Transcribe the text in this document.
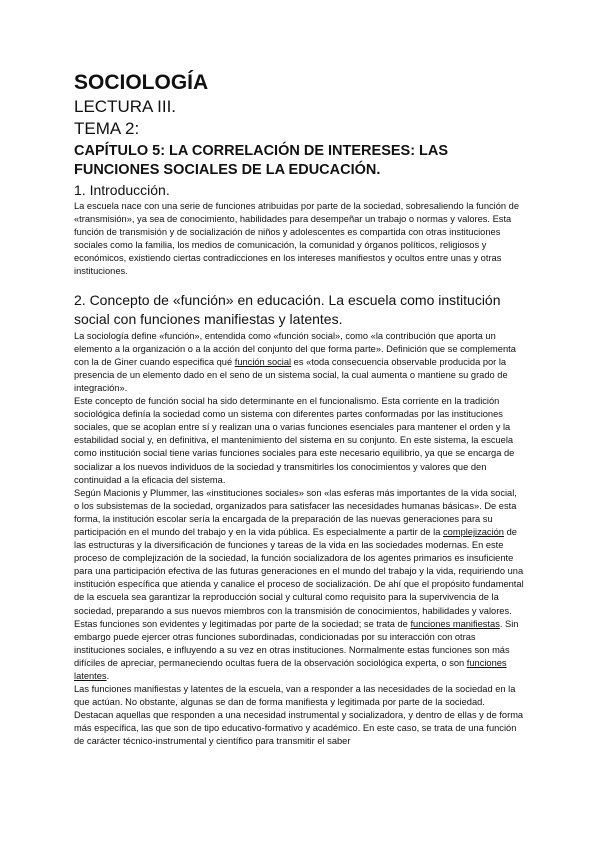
SOCIOLOGÍA
LECTURA III.
TEMA 2:
CAPÍTULO 5: LA CORRELACIÓN DE INTERESES: LAS FUNCIONES SOCIALES DE LA EDUCACIÓN.
1. Introducción.

La escuela nace con una serie de funciones atribuidas por parte de la sociedad, sobresaliendo la función de «transmisión», ya sea de conocimiento, habilidades para desempeñar un trabajo o normas y valores. Esta función de transmisión y de socialización de niños y adolescentes es compartida con otras instituciones sociales como la familia, los medios de comunicación, la comunidad y órganos políticos, religiosos y económicos, existiendo ciertas contradicciones en los intereses manifiestos y ocultos entre unas y otras instituciones.

2. Concepto de «función» en educación. La escuela como institución social con funciones manifiestas y latentes.

La sociología define «función», entendida como «función social», como «la contribución que aporta un elemento a la organización o a la acción del conjunto del que forma parte». Definición que se complementa con la de Giner cuando especifica qué función social es «toda consecuencia observable producida por la presencia de un elemento dado en el seno de un sistema social, la cual aumenta o mantiene su grado de integración».

Este concepto de función social ha sido determinante en el funcionalismo. Esta corriente en la tradición sociológica definía la sociedad como un sistema con diferentes partes conformadas por las instituciones sociales, que se acoplan entre sí y realizan una o varias funciones esenciales para mantener el orden y la estabilidad social y, en definitiva, el mantenimiento del sistema en su conjunto. En este sistema, la escuela como institución social tiene varias funciones sociales para este necesario equilibrio, ya que se encarga de socializar a los nuevos individuos de la sociedad y transmitirles los conocimientos y valores que den continuidad a la eficacia del sistema.

Según Macionis y Plummer, las «instituciones sociales» son «las esferas más importantes de la vida social, o los subsistemas de la sociedad, organizados para satisfacer las necesidades humanas básicas». De esta forma, la institución escolar sería la encargada de la preparación de las nuevas generaciones para su participación en el mundo del trabajo y en la vida pública. Es especialmente a partir de la complejización de las estructuras y la diversificación de funciones y tareas de la vida en las sociedades modernas. En este proceso de complejización de la sociedad, la función socializadora de los agentes primarios es insuficiente para una participación efectiva de las futuras generaciones en el mundo del trabajo y la vida, requiriendo una institución específica que atienda y canalice el proceso de socialización. De ahí que el propósito fundamental de la escuela sea garantizar la reproducción social y cultural como requisito para la supervivencia de la sociedad, preparando a sus nuevos miembros con la transmisión de conocimientos, habilidades y valores. Estas funciones son evidentes y legitimadas por parte de la sociedad; se trata de funciones manifiestas. Sin embargo puede ejercer otras funciones subordinadas, condicionadas por su interacción con otras instituciones sociales, e influyendo a su vez en otras instituciones. Normalmente estas funciones son más difíciles de apreciar, permaneciendo ocultas fuera de la observación sociológica experta, o son funciones latentes.

Las funciones manifiestas y latentes de la escuela, van a responder a las necesidades de la sociedad en la que actúan. No obstante, algunas se dan de forma manifiesta y legitimada por parte de la sociedad. Destacan aquellas que responden a una necesidad instrumental y socializadora, y dentro de ellas y de forma más específica, las que son de tipo educativo-formativo y académico. En este caso, se trata de una función de carácter técnico-instrumental y científico para transmitir el saber
